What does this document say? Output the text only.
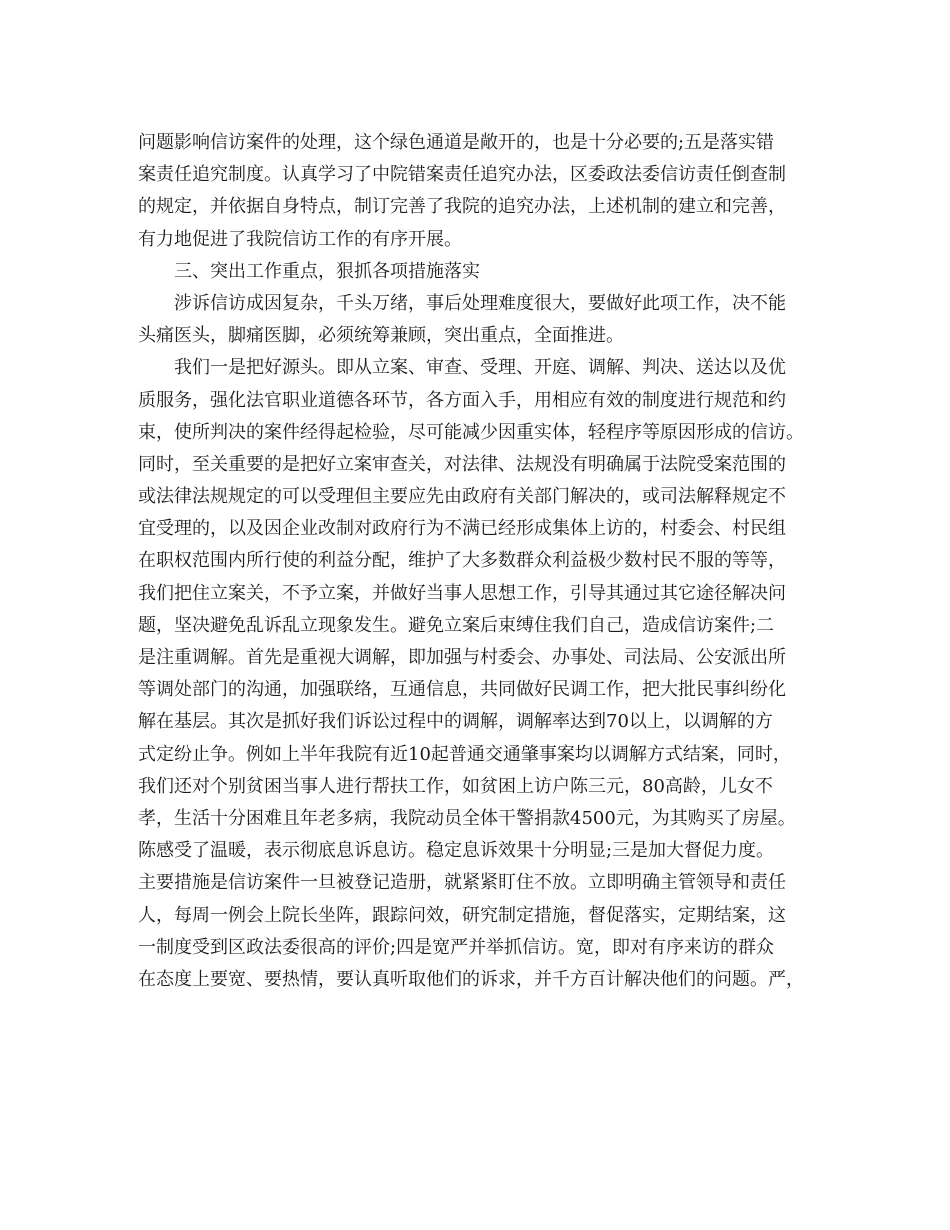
问题影响信访案件的处理，这个绿色通道是敞开的，也是十分必要的;五是落实错
案责任追究制度。认真学习了中院错案责任追究办法，区委政法委信访责任倒查制
的规定，并依据自身特点，制订完善了我院的追究办法，上述机制的建立和完善，
有力地促进了我院信访工作的有序开展。
三、突出工作重点，狠抓各项措施落实
涉诉信访成因复杂，千头万绪，事后处理难度很大，要做好此项工作，决不能
头痛医头，脚痛医脚，必须统筹兼顾，突出重点，全面推进。
我们一是把好源头。即从立案、审查、受理、开庭、调解、判决、送达以及优
质服务，强化法官职业道德各环节，各方面入手，用相应有效的制度进行规范和约
束，使所判决的案件经得起检验，尽可能减少因重实体，轻程序等原因形成的信访。
同时，至关重要的是把好立案审查关，对法律、法规没有明确属于法院受案范围的
或法律法规规定的可以受理但主要应先由政府有关部门解决的，或司法解释规定不
宜受理的，以及因企业改制对政府行为不满已经形成集体上访的，村委会、村民组
在职权范围内所行使的利益分配，维护了大多数群众利益极少数村民不服的等等，
我们把住立案关，不予立案，并做好当事人思想工作，引导其通过其它途径解决问
题，坚决避免乱诉乱立现象发生。避免立案后束缚住我们自己，造成信访案件;二
是注重调解。首先是重视大调解，即加强与村委会、办事处、司法局、公安派出所
等调处部门的沟通，加强联络，互通信息，共同做好民调工作，把大批民事纠纷化
解在基层。其次是抓好我们诉讼过程中的调解，调解率达到70以上，以调解的方
式定纷止争。例如上半年我院有近10起普通交通肇事案均以调解方式结案，同时，
我们还对个别贫困当事人进行帮扶工作，如贫困上访户陈三元，80高龄，儿女不
孝，生活十分困难且年老多病，我院动员全体干警捐款4500元，为其购买了房屋。
陈感受了温暖，表示彻底息诉息访。稳定息诉效果十分明显;三是加大督促力度。
主要措施是信访案件一旦被登记造册，就紧紧盯住不放。立即明确主管领导和责任
人，每周一例会上院长坐阵，跟踪问效，研究制定措施，督促落实，定期结案，这
一制度受到区政法委很高的评价;四是宽严并举抓信访。宽，即对有序来访的群众
在态度上要宽、要热情，要认真听取他们的诉求，并千方百计解决他们的问题。严，
